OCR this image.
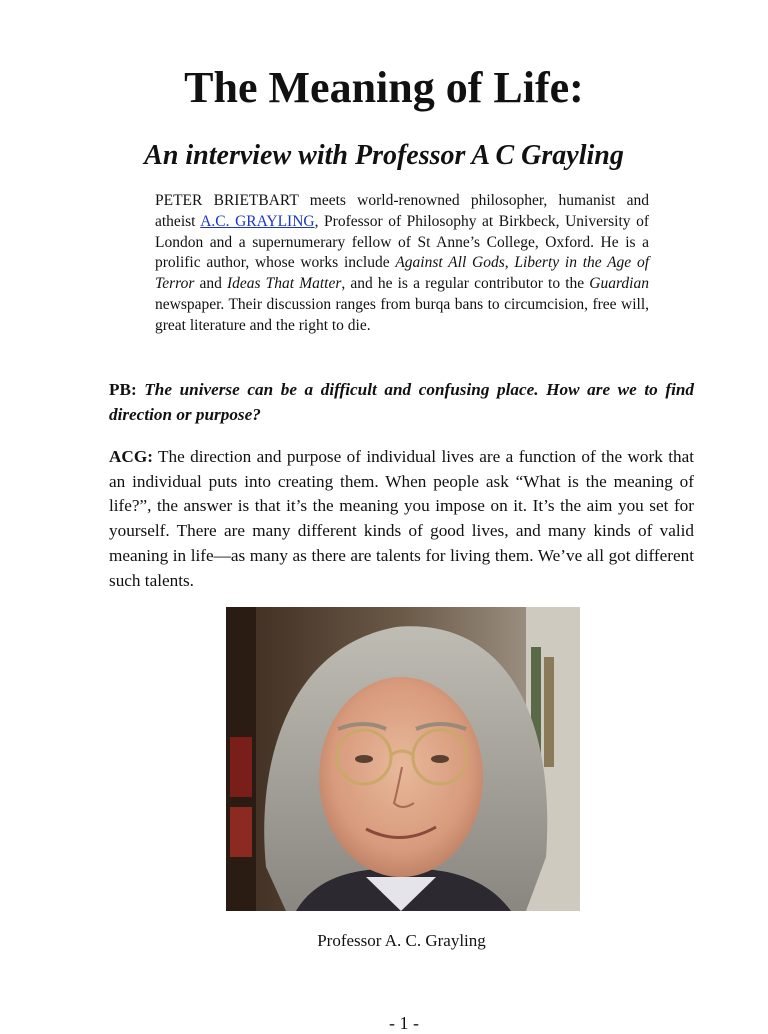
The Meaning of Life:
An interview with Professor A C Grayling

PETER BRIETBART meets world-renowned philosopher, humanist and atheist A.C. GRAYLING, Professor of Philosophy at Birkbeck, University of London and a supernumerary fellow of St Anne’s College, Oxford. He is a prolific author, whose works include Against All Gods, Liberty in the Age of Terror and Ideas That Matter, and he is a regular contributor to the Guardian newspaper. Their discussion ranges from burqa bans to circumcision, free will, great literature and the right to die.

PB: The universe can be a difficult and confusing place. How are we to find direction or purpose?

ACG: The direction and purpose of individual lives are a function of the work that an individual puts into creating them. When people ask “What is the meaning of life?”, the answer is that it’s the meaning you impose on it. It’s the aim you set for yourself. There are many different kinds of good lives, and many kinds of valid meaning in life—as many as there are talents for living them. We’ve all got different such talents.

Professor A. C. Grayling

- 1 -
